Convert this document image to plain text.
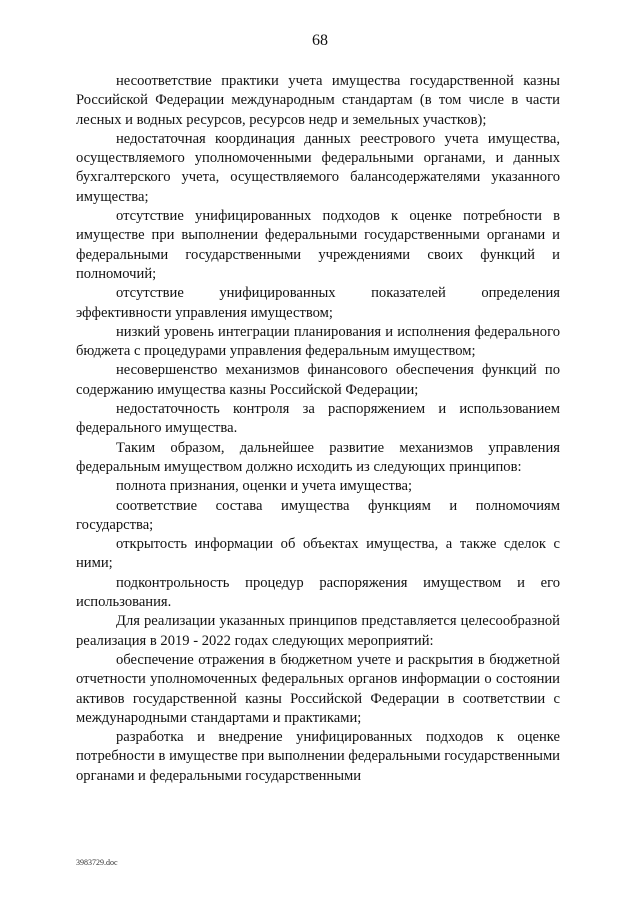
68

несоответствие практики учета имущества государственной казны Российской Федерации международным стандартам (в том числе в части лесных и водных ресурсов, ресурсов недр и земельных участков);

недостаточная координация данных реестрового учета имущества, осуществляемого уполномоченными федеральными органами, и данных бухгалтерского учета, осуществляемого балансодержателями указанного имущества;

отсутствие унифицированных подходов к оценке потребности в имуществе при выполнении федеральными государственными органами и федеральными государственными учреждениями своих функций и полномочий;

отсутствие унифицированных показателей определения эффективности управления имуществом;

низкий уровень интеграции планирования и исполнения федерального бюджета с процедурами управления федеральным имуществом;

несовершенство механизмов финансового обеспечения функций по содержанию имущества казны Российской Федерации;

недостаточность контроля за распоряжением и использованием федерального имущества.

Таким образом, дальнейшее развитие механизмов управления федеральным имуществом должно исходить из следующих принципов:

полнота признания, оценки и учета имущества;

соответствие состава имущества функциям и полномочиям государства;

открытость информации об объектах имущества, а также сделок с ними;

подконтрольность процедур распоряжения имуществом и его использования.

Для реализации указанных принципов представляется целесообразной реализация в 2019 - 2022 годах следующих мероприятий:

обеспечение отражения в бюджетном учете и раскрытия в бюджетной отчетности уполномоченных федеральных органов информации о состоянии активов государственной казны Российской Федерации в соответствии с международными стандартами и практиками;

разработка и внедрение унифицированных подходов к оценке потребности в имуществе при выполнении федеральными государственными органами и федеральными государственными

3983729.doc
